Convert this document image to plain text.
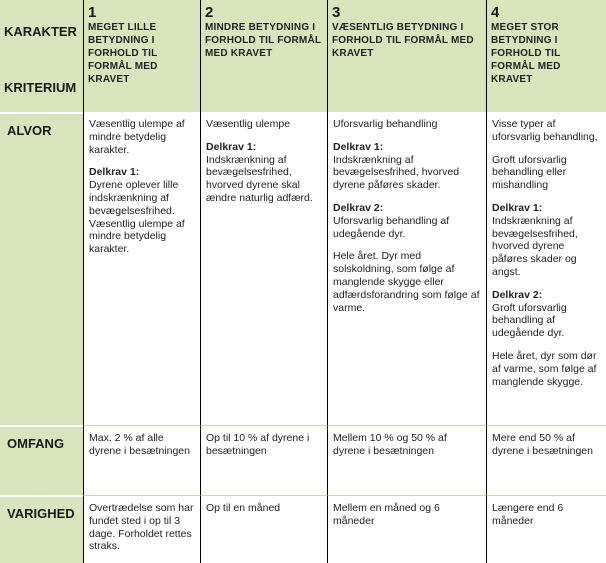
KARAKTER
KRITERIUM
1
MEGET LILLE BETYDNING I FORHOLD TIL FORMÅL MED KRAVET
2
MINDRE BETYDNING I FORHOLD TIL FORMÅL MED KRAVET
3
VÆSENTLIG BETYDNING I FORHOLD TIL FORMÅL MED KRAVET
4
MEGET STOR BETYDNING I FORHOLD TIL FORMÅL MED KRAVET
ALVOR	Væsentlig ulempe af mindre betydelig karakter.

Delkrav 1:

Dyrene oplever lille indskrænkning af bevægelsesfrihed. Væsentlig ulempe af mindre betydelig karakter.

Væsentlig ulempe

Delkrav 1:

Indskrænkning af bevægelsesfrihed, hvorved dyrene skal ændre naturlig adfærd.

Uforsvarlig behandling

Delkrav 1:

Indskrænkning af bevægelsesfrihed, hvorved dyrene påføres skader.

Delkrav 2:

Uforsvarlig behandling af udegående dyr.

Hele året. Dyr med solskoldning, som følge af manglende skygge eller adfærdsforandring som følge af varme.

Visse typer af uforsvarlig behandling,

Groft uforsvarlig behandling eller mishandling

Delkrav 1:

Indskrænkning af bevægelsesfrihed, hvorved dyrene påføres skader og angst.

Delkrav 2:

Groft uforsvarlig behandling af udegående dyr.

Hele året, dyr som dør af varme, som følge af manglende skygge.

OMFANG Max. 2 % af alle dyrene i besætningen

Op til 10 % af dyrene i besætningen

Mellem 10 % og 50 % af dyrene i besætningen

Mere end 50 % af dyrene i besætningen

VARIGHED Overtrædelse som har fundet sted i op til 3 dage. Forholdet rettes straks.

Op til en måned	Mellem en måned og 6 måneder

Længere end 6 måneder
